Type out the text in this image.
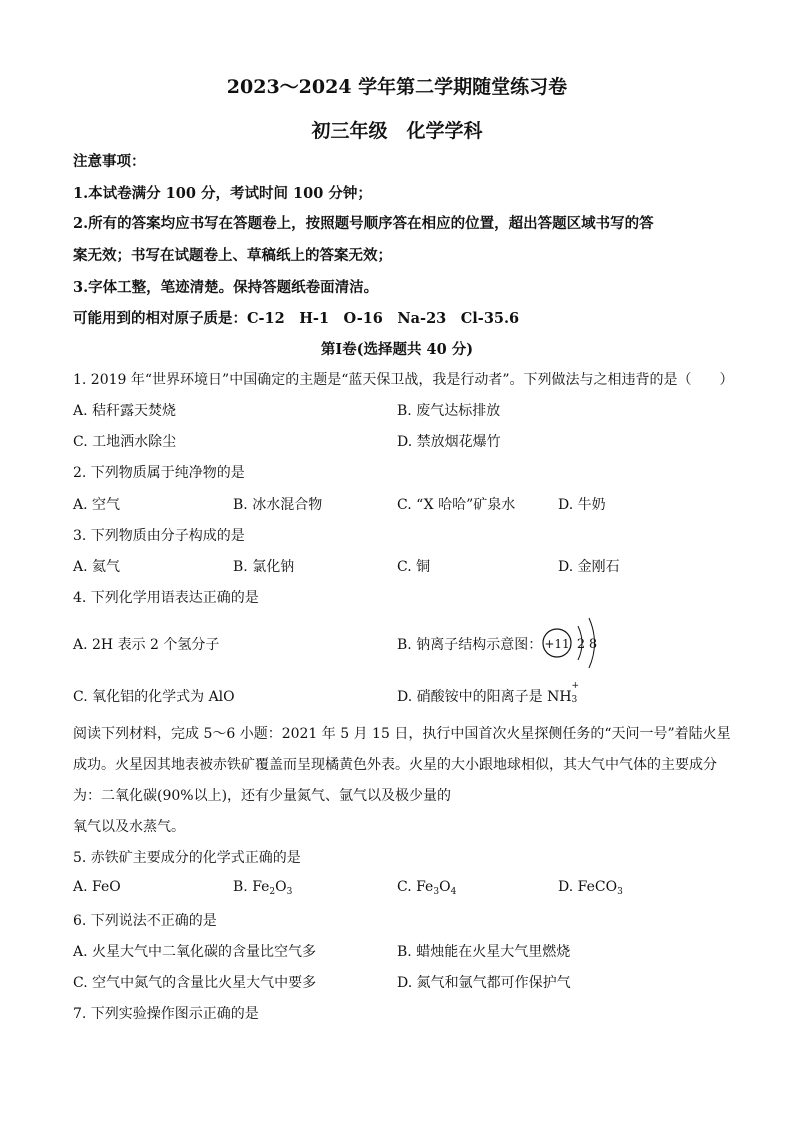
2023～2024 学年第二学期随堂练习卷
初三年级　化学学科
注意事项：
1.本试卷满分 100 分，考试时间 100 分钟；
2.所有的答案均应书写在答题卷上，按照题号顺序答在相应的位置，超出答题区域书写的答
案无效；书写在试题卷上、草稿纸上的答案无效；
3.字体工整，笔迹清楚。保持答题纸卷面清洁。
可能用到的相对原子质是：C-12　H-1　O-16　Na-23　Cl-35.6
第Ⅰ卷(选择题共 40 分)
1. 2019 年“世界环境日”中国确定的主题是“蓝天保卫战，我是行动者”。下列做法与之相违背的是（　　）
A. 秸秆露天焚烧	B. 废气达标排放
C. 工地洒水除尘	D. 禁放烟花爆竹
2. 下列物质属于纯净物的是
A. 空气	B. 冰水混合物	C. “X 哈哈”矿泉水	D. 牛奶
3. 下列物质由分子构成的是
A. 氦气	B. 氯化钠	C. 铜	D. 金刚石
4. 下列化学用语表达正确的是
A. 2H 表示 2 个氢分子	B. 钠离子结构示意图： +11 2 8
C. 氧化铝的化学式为 AlO	D. 硝酸铵中的阳离子是 NH
+
3
阅读下列材料，完成 5～6 小题：2021 年 5 月 15 日，执行中国首次火星探侧任务的“天问一号”着陆火星
成功。火星因其地表被赤铁矿覆盖而呈现橘黄色外表。火星的大小跟地球相似，其大气中气体的主要成分
为：二氧化碳(90%以上)，还有少量氮气、氩气以及极少量的
氧气以及水蒸气。
5. 赤铁矿主要成分的化学式正确的是
A. FeO	B. $Fe_2O_3$	C. $Fe_3O_4$	D. FeCO$_3$
6. 下列说法不正确的是
A. 火星大气中二氧化碳的含量比空气多	B. 蜡烛能在火星大气里燃烧
C. 空气中氮气的含量比火星大气中要多	D. 氮气和氩气都可作保护气
7. 下列实验操作图示正确的是
